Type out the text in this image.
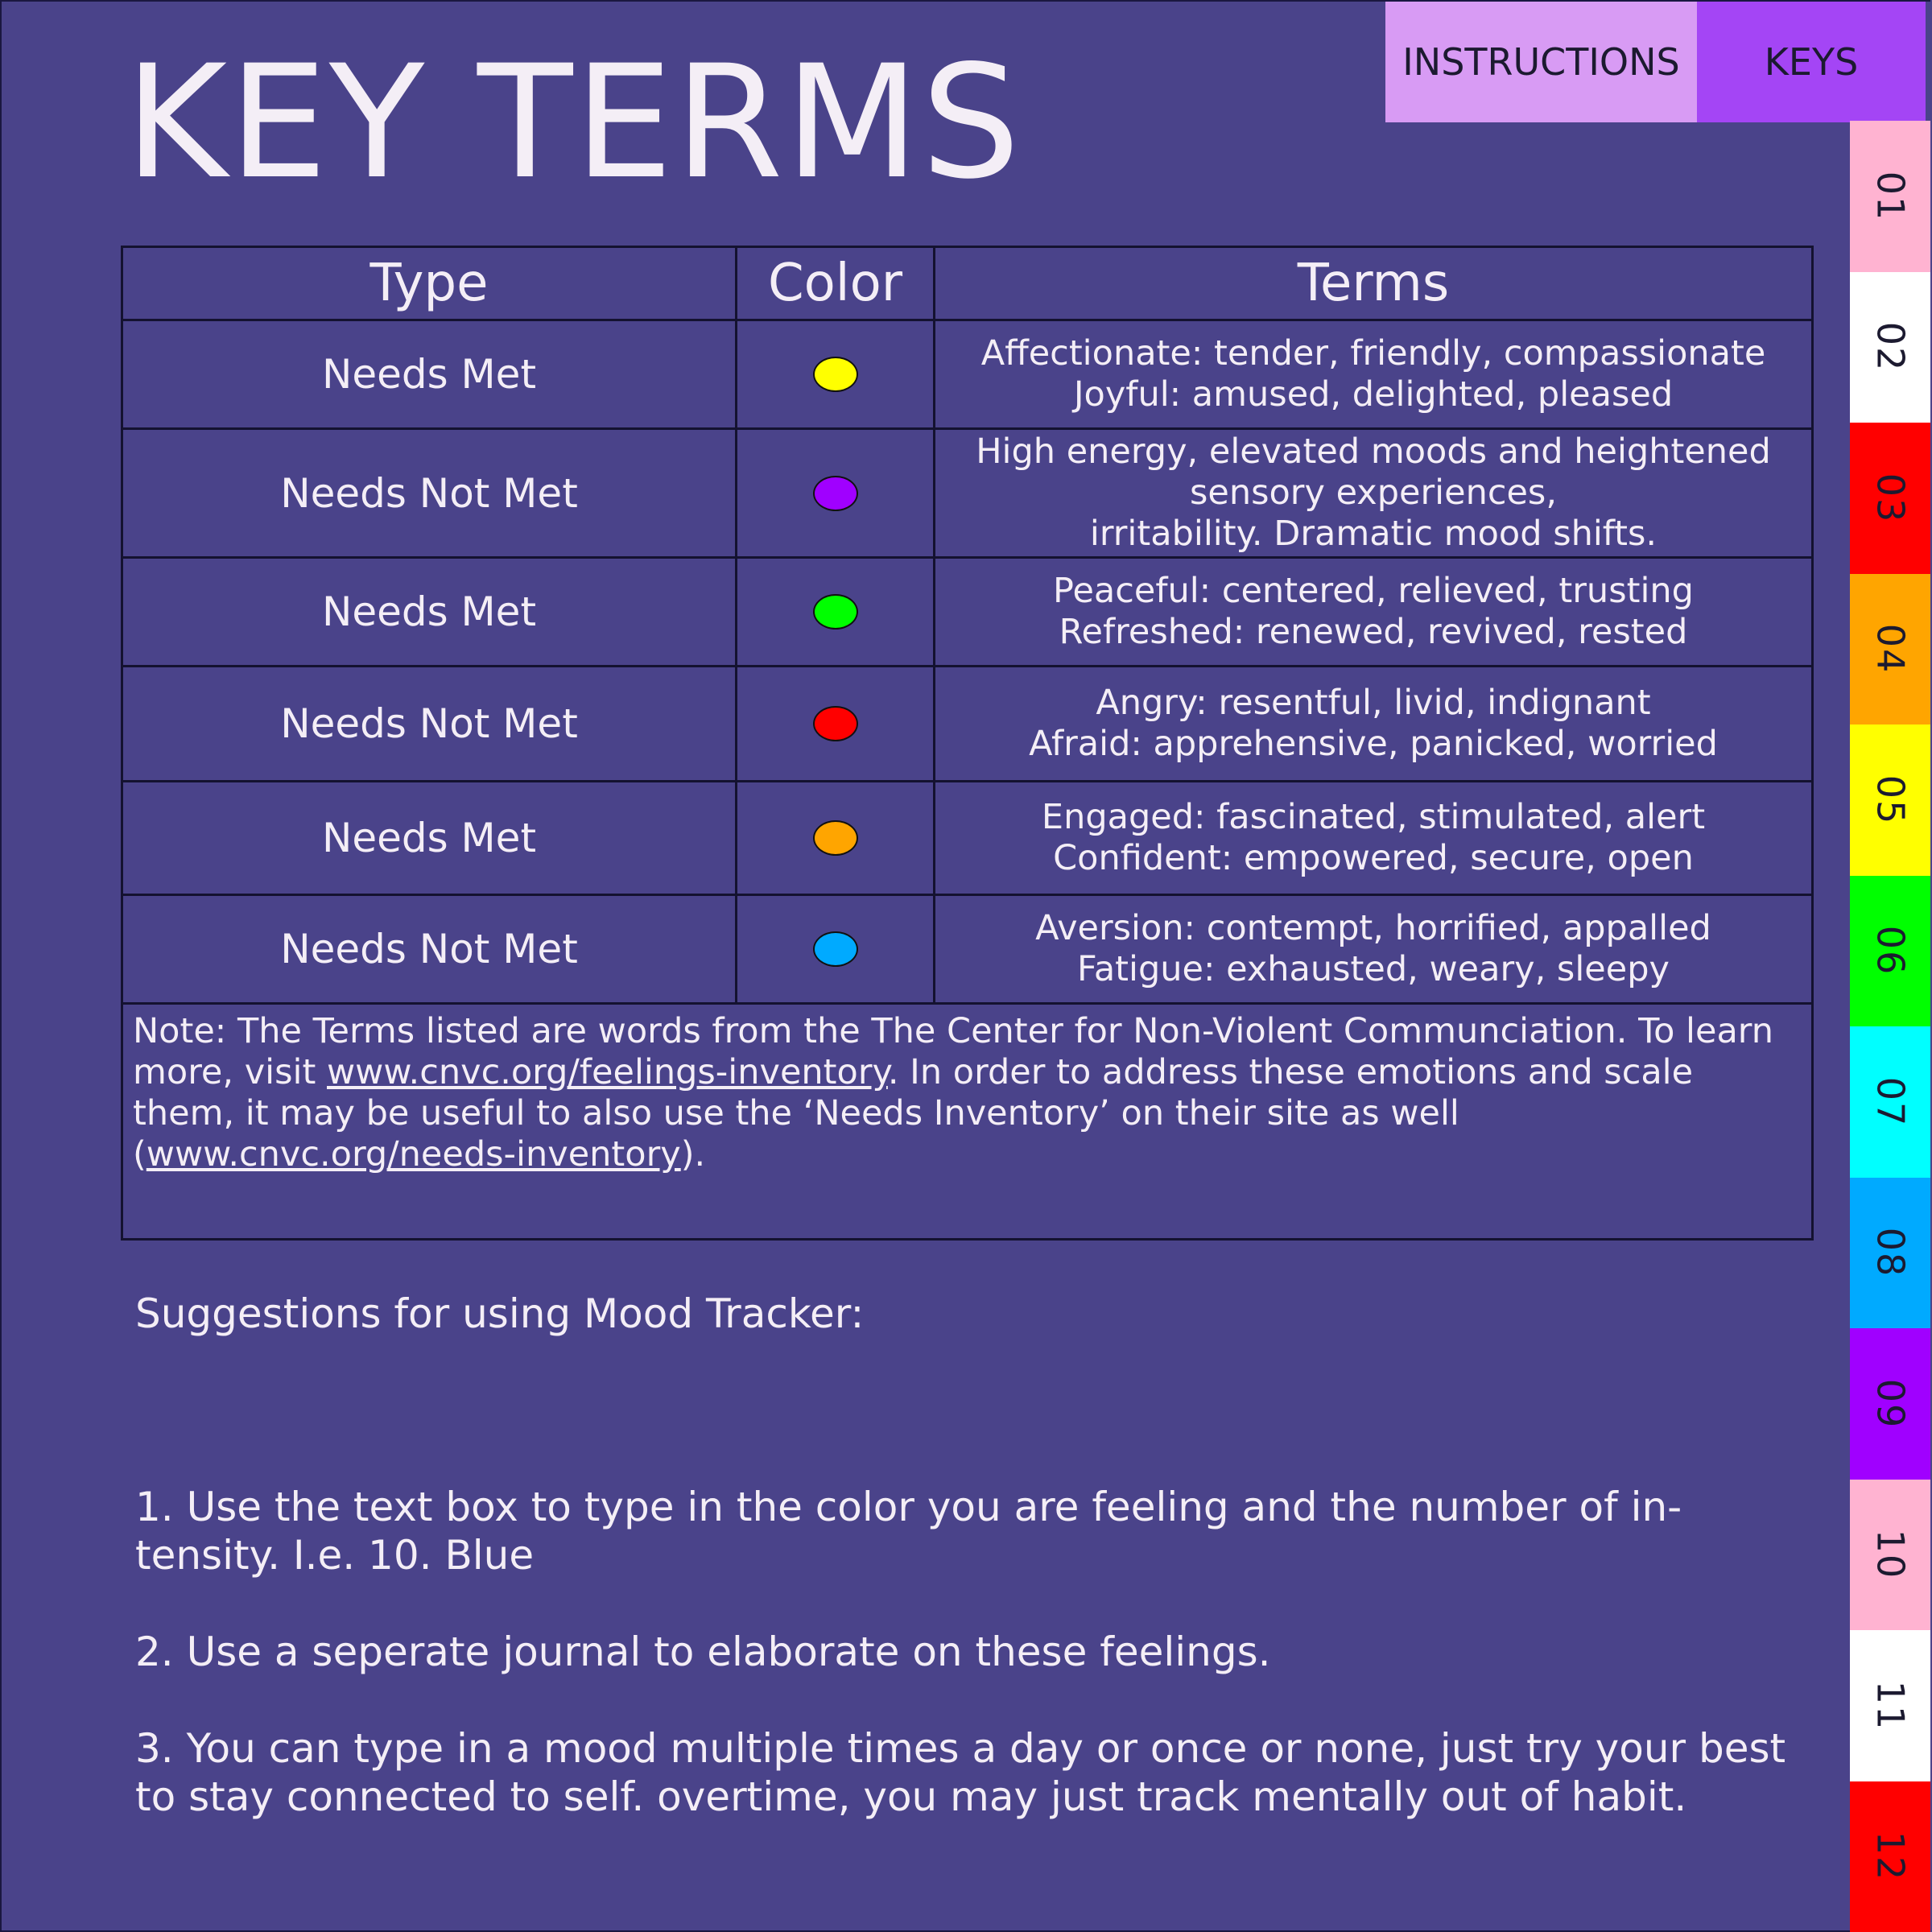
KEY TERMS	INSTRUCTIONS	KEYS
01
02
03
04
05
06
07
08
09
10
11
12
Type	Color	Terms
Needs Met		Affectionate: tender, friendly, compassionate
Joyful: amused, delighted, pleased

Needs Not Met		High energy, elevated moods and heightened
sensory experiences,
irritability. Dramatic mood shifts.

Needs Met		Peaceful: centered, relieved, trusting
Refreshed: renewed, revived, rested

Needs Not Met		Angry: resentful, livid, indignant
Afraid: apprehensive, panicked, worried

Needs Met		Engaged: fascinated, stimulated, alert
Confident: empowered, secure, open

Needs Not Met		Aversion: contempt, horrified, appalled
Fatigue: exhausted, weary, sleepy

Note: The Terms listed are words from the The Center for Non-Violent Communciation. To learn more, visit www.cnvc.org/feelings-inventory. In order to address these emotions and scale them, it may be useful to also use the ‘Needs Inventory’ on their site as well (www.cnvc.org/needs-inventory).		

Suggestions for using Mood Tracker:

1. Use the text box to type in the color you are feeling and the number of in-tensity. I.e. 10. Blue

2. Use a seperate journal to elaborate on these feelings.

3. You can type in a mood multiple times a day or once or none, just try your best to stay connected to self. overtime, you may just track mentally out of habit.
